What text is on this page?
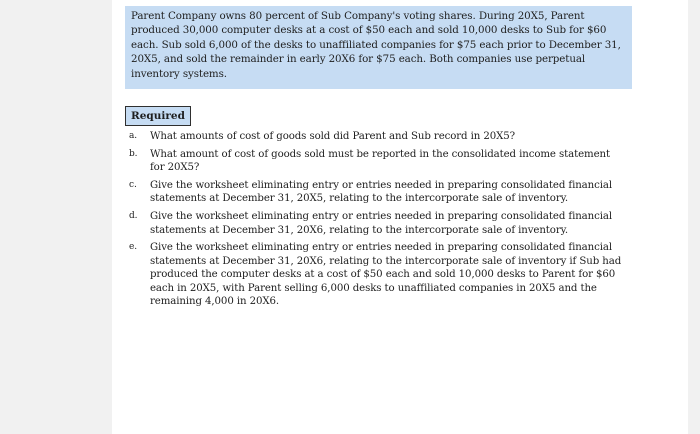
Parent Company owns 80 percent of Sub Company's voting shares. During 20X5, Parent produced 30,000 computer desks at a cost of $50 each and sold 10,000 desks to Sub for $60 each. Sub sold 6,000 of the desks to unaffiliated companies for $75 each prior to December 31, 20X5, and sold the remainder in early 20X6 for $75 each. Both companies use perpetual inventory systems.
Required
a. What amounts of cost of goods sold did Parent and Sub record in 20X5?
b. What amount of cost of goods sold must be reported in the consolidated income statement for 20X5?
c. Give the worksheet eliminating entry or entries needed in preparing consolidated financial statements at December 31, 20X5, relating to the intercorporate sale of inventory.
d. Give the worksheet eliminating entry or entries needed in preparing consolidated financial statements at December 31, 20X6, relating to the intercorporate sale of inventory.
e. Give the worksheet eliminating entry or entries needed in preparing consolidated financial statements at December 31, 20X6, relating to the intercorporate sale of inventory if Sub had produced the computer desks at a cost of $50 each and sold 10,000 desks to Parent for $60 each in 20X5, with Parent selling 6,000 desks to unaffiliated companies in 20X5 and the remaining 4,000 in 20X6.
